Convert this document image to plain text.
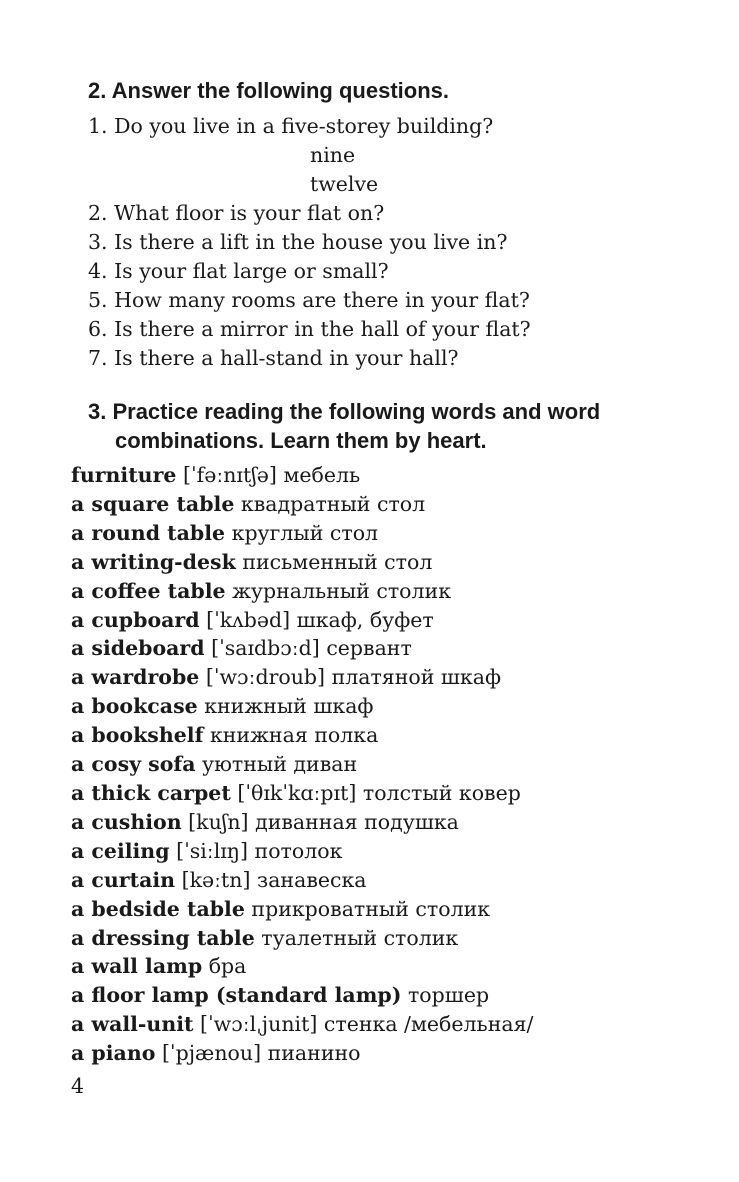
2. Answer the following questions.
1. Do you live in a five-storey building?
nine
twelve
2. What floor is your flat on?
3. Is there a lift in the house you live in?
4. Is your flat large or small?
5. How many rooms are there in your flat?
6. Is there a mirror in the hall of your flat?
7. Is there a hall-stand in your hall?
3. Practice reading the following words and word
combinations. Learn them by heart.
furniture [ˈfəːnɪtʃə] мебель
a square table квадратный стол
a round table круглый стол
a writing-desk письменный стол
a coffee table журнальный столик
a cupboard [ˈkʌbəd] шкаф, буфет
a sideboard [ˈsaɪdbɔːd] сервант
a wardrobe [ˈwɔːdroub] платяной шкаф
a bookcase книжный шкаф
a bookshelf книжная полка
a cosy sofa уютный диван
a thick carpet [ˈθɪkˈkɑːpɪt] толстый ковер
a cushion [kuʃn] диванная подушка
a ceiling [ˈsiːlɪŋ] потолок
a curtain [kəːtn] занавеска
a bedside table прикроватный столик
a dressing table туалетный столик
a wall lamp бра
a floor lamp (standard lamp) торшер
a wall-unit [ˈwɔːlˌjunit] стенка /мебельная/
a piano [ˈpjænou] пианино
4
